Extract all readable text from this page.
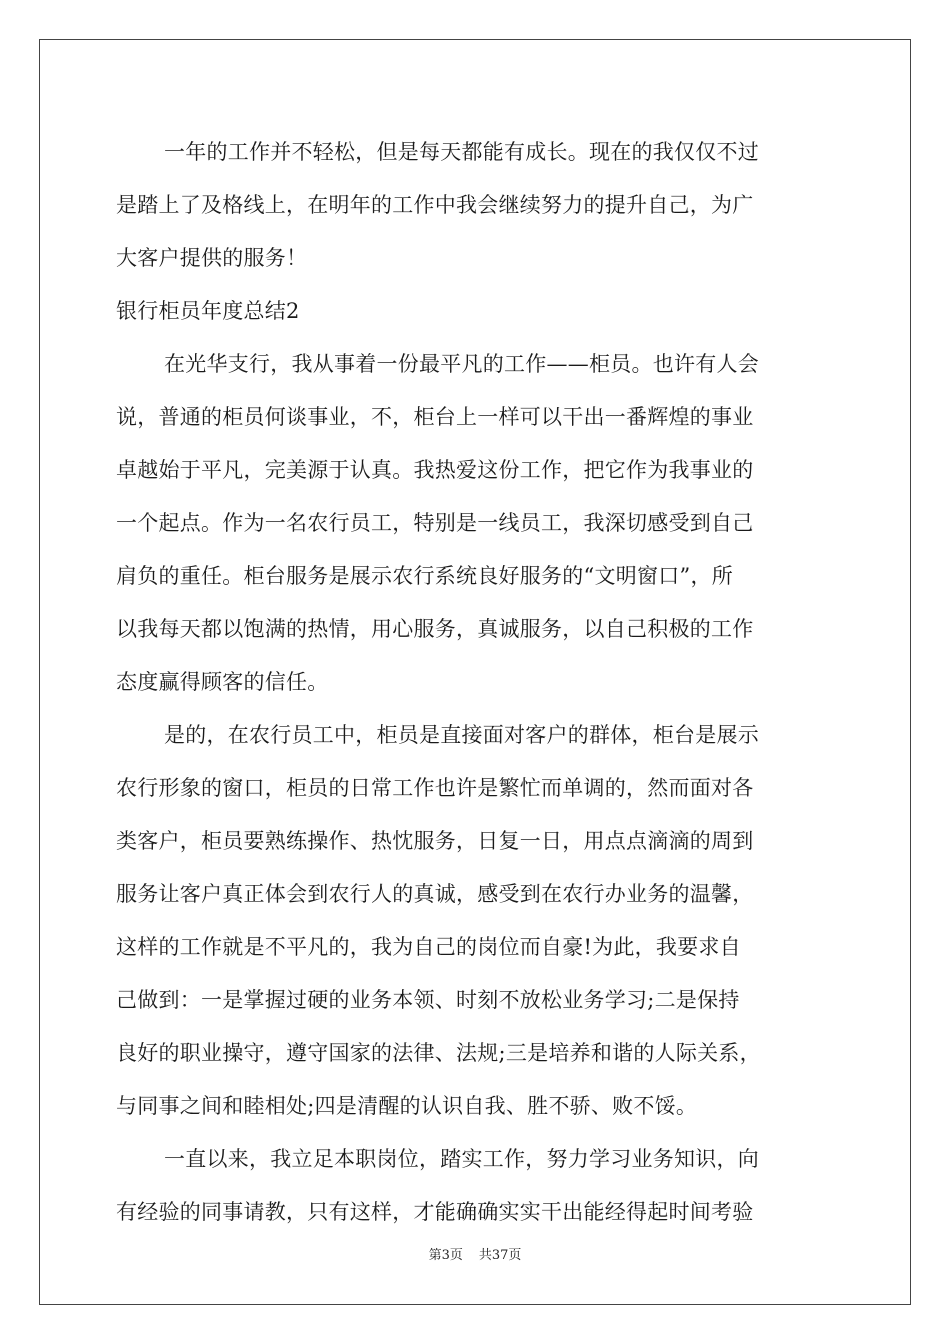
一年的工作并不轻松，但是每天都能有成长。现在的我仅仅不过
是踏上了及格线上，在明年的工作中我会继续努力的提升自己，为广
大客户提供的服务！
银行柜员年度总结2
在光华支行，我从事着一份最平凡的工作——柜员。也许有人会
说，普通的柜员何谈事业，不，柜台上一样可以干出一番辉煌的事业
卓越始于平凡，完美源于认真。我热爱这份工作，把它作为我事业的
一个起点。作为一名农行员工，特别是一线员工，我深切感受到自己
肩负的重任。柜台服务是展示农行系统良好服务的“文明窗口”，所
以我每天都以饱满的热情，用心服务，真诚服务，以自己积极的工作
态度赢得顾客的信任。
是的，在农行员工中，柜员是直接面对客户的群体，柜台是展示
农行形象的窗口，柜员的日常工作也许是繁忙而单调的，然而面对各
类客户，柜员要熟练操作、热忱服务，日复一日，用点点滴滴的周到
服务让客户真正体会到农行人的真诚，感受到在农行办业务的温馨，
这样的工作就是不平凡的，我为自己的岗位而自豪!为此，我要求自
己做到：一是掌握过硬的业务本领、时刻不放松业务学习;二是保持
良好的职业操守，遵守国家的法律、法规;三是培养和谐的人际关系，
与同事之间和睦相处;四是清醒的认识自我、胜不骄、败不馁。
一直以来，我立足本职岗位，踏实工作，努力学习业务知识，向
有经验的同事请教，只有这样，才能确确实实干出能经得起时间考验
第3页 共37页
